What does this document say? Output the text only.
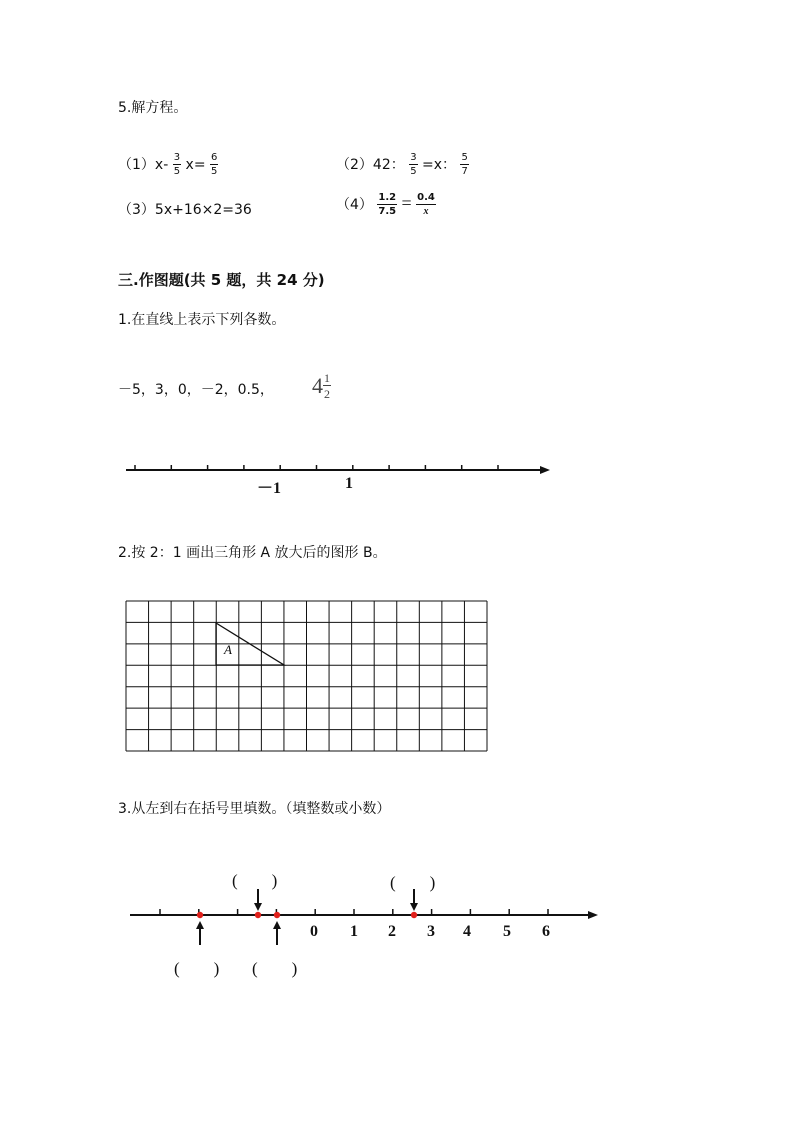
5.解方程。
$(1)x- \frac{3}{5} x= \frac{6}{5}$	（2）42： $\frac{3}{5} =x$： $\frac{5}{7}$
（3）5x+16×2=36	$(4) \frac{1.2}{7.5} = \frac{0.4}{x}$
三.作图题(共 5 题，共 24 分)
1.在直线上表示下列各数。
－5，3，0，－2，0.5， $4 \frac{1}{2}$
－1	1
2.按 2：1 画出三角形 A 放大后的图形 B。
A
3.从左到右在括号里填数。（填整数或小数）
(　　)	(　　)
(　　) (　　)
0 1 2 3 4 5 6
